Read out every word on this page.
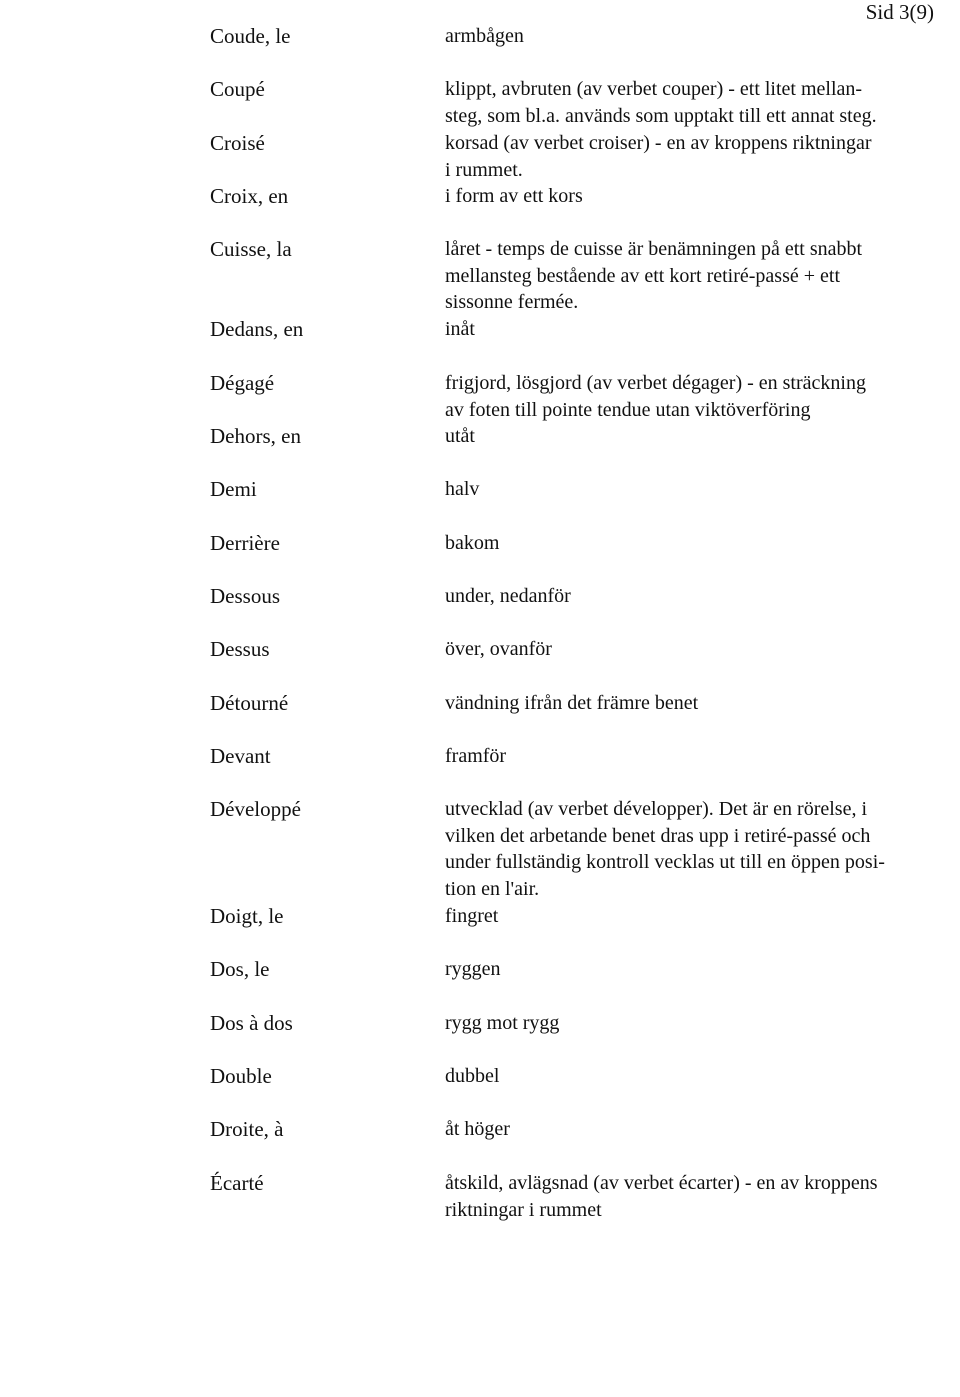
Sid 3(9)
Coude, le	armbågen
Coupé	klippt, avbruten (av verbet couper) - ett litet mellan-
steg, som bl.a. används som upptakt till ett annat steg.
Croisé	korsad (av verbet croiser) - en av kroppens riktningar
i rummet.
Croix, en	i form av ett kors
Cuisse, la	låret - temps de cuisse är benämningen på ett snabbt
mellansteg bestående av ett kort retiré-passé + ett
sissonne fermée.
Dedans, en	inåt
Dégagé	frigjord, lösgjord (av verbet dégager) - en sträckning
av foten till pointe tendue utan viktöverföring
Dehors, en	utåt
Demi	halv
Derrière	bakom
Dessous	under, nedanför
Dessus	över, ovanför
Détourné	vändning ifrån det främre benet
Devant	framför
Développé	utvecklad (av verbet développer). Det är en rörelse, i
vilken det arbetande benet dras upp i retiré-passé och
under fullständig kontroll vecklas ut till en öppen posi-
tion en l'air.
Doigt, le	fingret
Dos, le	ryggen
Dos à dos	rygg mot rygg
Double	dubbel
Droite, à	åt höger
Écarté	åtskild, avlägsnad (av verbet écarter) - en av kroppens
riktningar i rummet
